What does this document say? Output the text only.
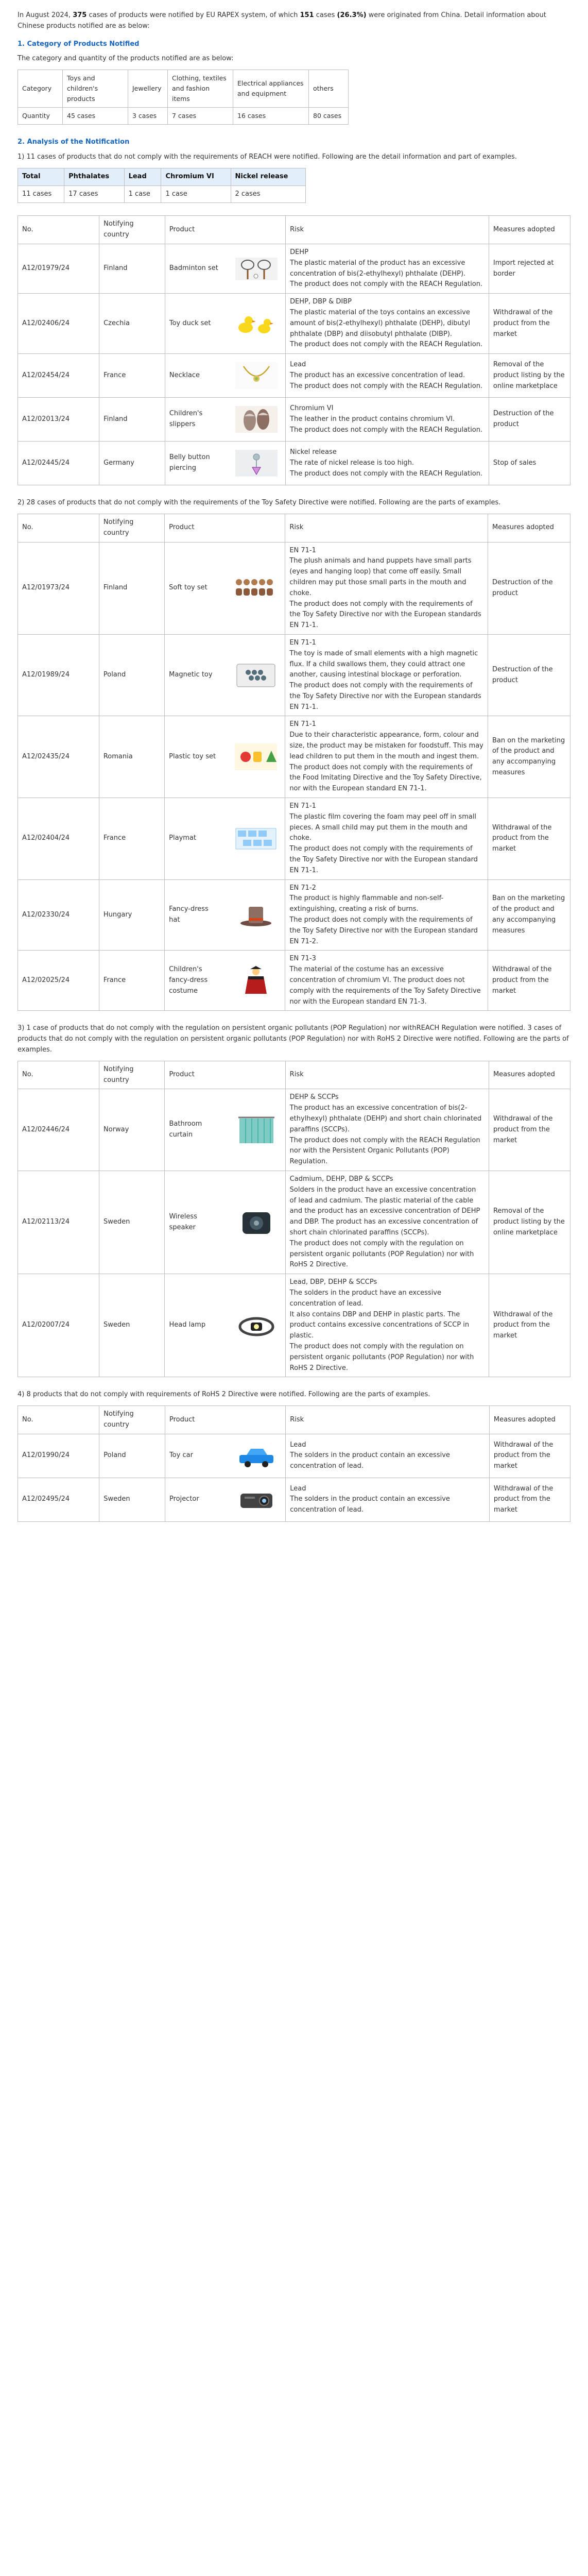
In August 2024, 375 cases of products were notified by EU RAPEX system, of which 151 cases (26.3%) were originated from China. Detail information about Chinese products notified are as below:

1. Category of Products Notified

The category and quantity of the products notified are as below:

Category	Toys and children's products	Jewellery	Clothing, textiles and fashion items	Electrical appliances and equipment	others
Quantity	45 cases	3 cases	7 cases	16 cases	80 cases
2. Analysis of the Notification

1) 11 cases of products that do not comply with the requirements of REACH were notified. Following are the detail information and part of examples.

Total	Phthalates	Lead	Chromium VI	Nickel release
11 cases	17 cases	1 case	1 case	2 cases
No.	Notifying country	Product	Risk	Measures adopted
A12/01979/24	Finland	Badminton set	DEHP
The plastic material of the product has an excessive concentration of bis(2-ethylhexyl) phthalate (DEHP).
The product does not comply with the REACH Regulation.	Import rejected at border
A12/02406/24	Czechia	Toy duck set	DEHP, DBP & DIBP
The plastic material of the toys contains an excessive amount of bis(2-ethylhexyl) phthalate (DEHP), dibutyl phthalate (DBP) and diisobutyl phthalate (DIBP).
The product does not comply with the REACH Regulation.	Withdrawal of the product from the market
A12/02454/24	France	Necklace	Lead
The product has an excessive concentration of lead.
The product does not comply with the REACH Regulation.	Removal of the product listing by the online marketplace
A12/02013/24	Finland	Children's slippers	Chromium VI
The leather in the product contains chromium VI.
The product does not comply with the REACH Regulation.	Destruction of the product
A12/02445/24	Germany	Belly button piercing	Nickel release
The rate of nickel release is too high.
The product does not comply with the REACH Regulation.	Stop of sales

2) 28 cases of products that do not comply with the requirements of the Toy Safety Directive were notified. Following are the parts of examples.

No.	Notifying country	Product	Risk	Measures adopted
A12/01973/24	Finland	Soft toy set	EN 71-1
The plush animals and hand puppets have small parts (eyes and hanging loop) that come off easily. Small children may put those small parts in the mouth and choke.
The product does not comply with the requirements of the Toy Safety Directive nor with the European standards EN 71-1.	Destruction of the product
A12/01989/24	Poland	Magnetic toy	EN 71-1
The toy is made of small elements with a high magnetic flux. If a child swallows them, they could attract one another, causing intestinal blockage or perforation.
The product does not comply with the requirements of the Toy Safety Directive nor with the European standards EN 71-1.	Destruction of the product
A12/02435/24	Romania	Plastic toy set	EN 71-1
Due to their characteristic appearance, form, colour and size, the product may be mistaken for foodstuff. This may lead children to put them in the mouth and ingest them. The product does not comply with the requirements of the Food Imitating Directive and the Toy Safety Directive, nor with the European standard EN 71-1.	Ban on the marketing of the product and any accompanying measures
A12/02404/24	France	Playmat	EN 71-1
The plastic film covering the foam may peel off in small pieces. A small child may put them in the mouth and choke.
The product does not comply with the requirements of the Toy Safety Directive nor with the European standard EN 71-1.	Withdrawal of the product from the market
A12/02330/24	Hungary	Fancy-dress hat	EN 71-2
The product is highly flammable and non-self-extinguishing, creating a risk of burns.
The product does not comply with the requirements of the Toy Safety Directive nor with the European standard EN 71-2.	Ban on the marketing of the product and any accompanying measures
A12/02025/24	France	Children's fancy-dress costume	EN 71-3
The material of the costume has an excessive concentration of chromium VI. The product does not comply with the requirements of the Toy Safety Directive nor with the European standard EN 71-3.	Withdrawal of the product from the market

3) 1 case of products that do not comply with the regulation on persistent organic pollutants (POP Regulation) nor withREACH Regulation were notified. 3 cases of products that do not comply with the regulation on persistent organic pollutants (POP Regulation) nor with RoHS 2 Directive were notified. Following are the parts of examples.

No.	Notifying country	Product	Risk	Measures adopted
A12/02446/24	Norway	Bathroom curtain	DEHP & SCCPs
The product has an excessive concentration of bis(2-ethylhexyl) phthalate (DEHP) and short chain chlorinated paraffins (SCCPs).
The product does not comply with the REACH Regulation nor with the Persistent Organic Pollutants (POP) Regulation.	Withdrawal of the product from the market
A12/02113/24	Sweden	Wireless speaker	Cadmium, DEHP, DBP & SCCPs
Solders in the product have an excessive concentration of lead and cadmium. The plastic material of the cable and the product has an excessive concentration of DEHP and DBP. The product has an excessive concentration of short chain chlorinated paraffins (SCCPs).
The product does not comply with the regulation on persistent organic pollutants (POP Regulation) nor with RoHS 2 Directive.	Removal of the product listing by the online marketplace
A12/02007/24	Sweden	Head lamp	Lead, DBP, DEHP & SCCPs
The solders in the product have an excessive concentration of lead.
It also contains DBP and DEHP in plastic parts. The product contains excessive concentrations of SCCP in plastic.
The product does not comply with the regulation on persistent organic pollutants (POP Regulation) nor with RoHS 2 Directive.	Withdrawal of the product from the market

4) 8 products that do not comply with requirements of RoHS 2 Directive were notified. Following are the parts of examples.

No.	Notifying country	Product	Risk	Measures adopted
A12/01990/24	Poland	Toy car	Lead
The solders in the product contain an excessive concentration of lead.	Withdrawal of the product from the market
A12/02495/24	Sweden	Projector	Lead
The solders in the product contain an excessive concentration of lead.	Withdrawal of the product from the market
